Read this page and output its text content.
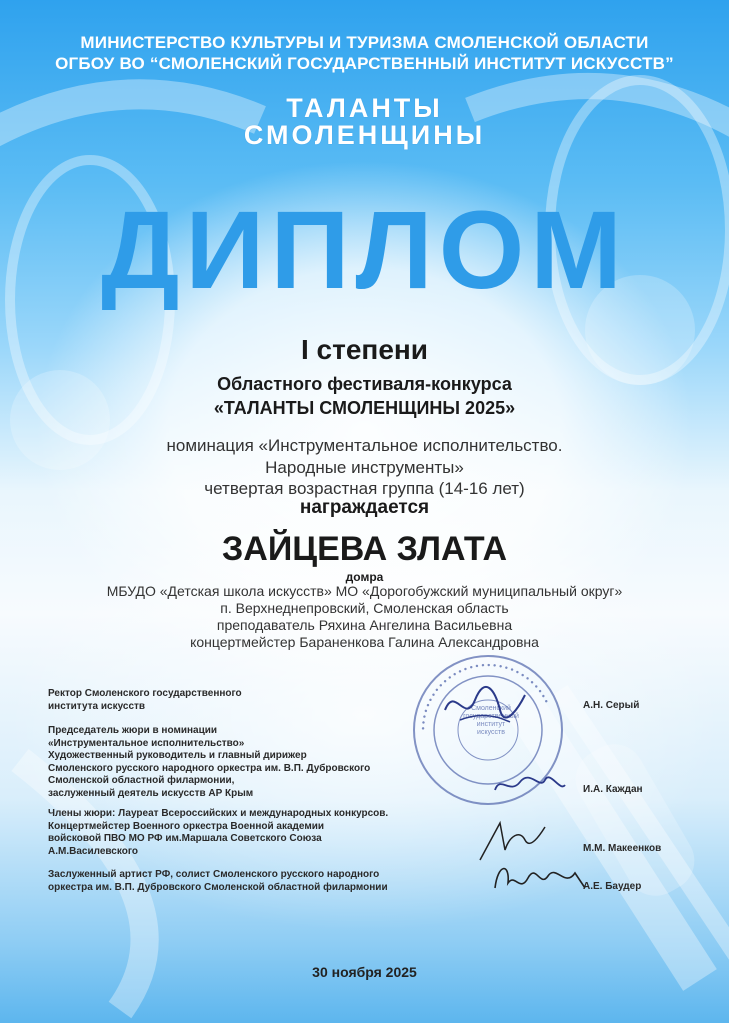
МИНИСТЕРСТВО КУЛЬТУРЫ И ТУРИЗМА СМОЛЕНСКОЙ ОБЛАСТИ
ОГБОУ ВО “СМОЛЕНСКИЙ ГОСУДАРСТВЕННЫЙ ИНСТИТУТ ИСКУССТВ”
ТАЛАНТЫ
СМОЛЕНЩИНЫ
ДИПЛОМ
I степени
Областного фестиваля-конкурса
«ТАЛАНТЫ СМОЛЕНЩИНЫ 2025»
номинация «Инструментальное исполнительство.
Народные инструменты»
четвертая возрастная группа (14-16 лет)
награждается
ЗАЙЦЕВА ЗЛАТА
домра
МБУДО «Детская школа искусств» МО «Дорогобужский муниципальный округ»
п. Верхнеднепровский, Смоленская область
преподаватель Ряхина Ангелина Васильевна
концертмейстер Бараненкова Галина Александровна
• • • • • • • • • • • • • • • • • • • • • • • • • • • • • •
Смоленский государственный институт искусств
Ректор Смоленского государственного
института искусств	А.Н. Серый
Председатель жюри в номинации
«Инструментальное исполнительство»
Художественный руководитель и главный дирижер
Смоленского русского народного оркестра им. В.П. Дубровского
Смоленской областной филармонии,
заслуженный деятель искусств АР Крым	И.А. Каждан
Члены жюри: Лауреат Всероссийских и международных конкурсов.
Концертмейстер Военного оркестра Военной академии
войсковой ПВО МО РФ им.Маршала Советского Союза
А.М.Василевского	М.М. Макеенков
Заслуженный артист РФ, солист Смоленского русского народного
оркестра им. В.П. Дубровского Смоленской областной филармонии	А.Е. Баудер
30 ноября 2025
